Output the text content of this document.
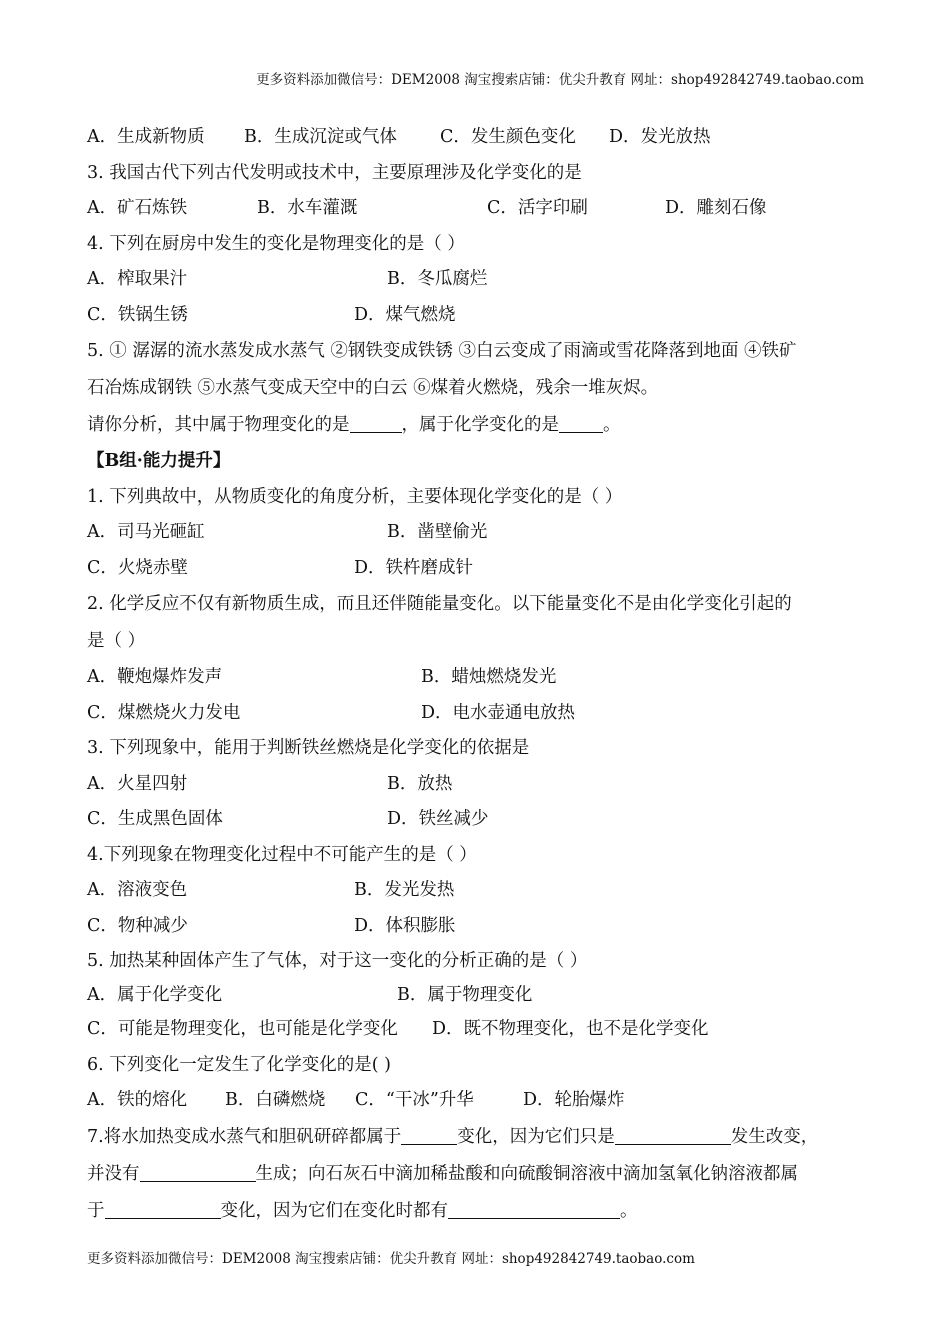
更多资料添加微信号：DEM2008 淘宝搜索店铺：优尖升教育 网址：shop492842749.taobao.com
A．生成新物质 B．生成沉淀或气体 C．发生颜色变化 D．发光放热
3. 我国古代下列古代发明或技术中，主要原理涉及化学变化的是
A．矿石炼铁	B．水车灌溉	C．活字印刷	D．雕刻石像
4. 下列在厨房中发生的变化是物理变化的是（ ）
A．榨取果汁	B．冬瓜腐烂
C．铁锅生锈	D．煤气燃烧
5. ① 潺潺的流水蒸发成水蒸气 ②钢铁变成铁锈 ③白云变成了雨滴或雪花降落到地面 ④铁矿
石冶炼成钢铁 ⑤水蒸气变成天空中的白云 ⑥煤着火燃烧，残余一堆灰烬。
请你分析，其中属于物理变化的是	，属于化学变化的是	。
【B组·能力提升】
1. 下列典故中，从物质变化的角度分析，主要体现化学变化的是（ ）
A．司马光砸缸	B．凿壁偷光
C．火烧赤壁	D．铁杵磨成针
2. 化学反应不仅有新物质生成，而且还伴随能量变化。以下能量变化不是由化学变化引起的
是（ ）
A．鞭炮爆炸发声	B．蜡烛燃烧发光
C．煤燃烧火力发电	D．电水壶通电放热
3. 下列现象中，能用于判断铁丝燃烧是化学变化的依据是
A．火星四射	B．放热
C．生成黑色固体	D．铁丝减少
4.下列现象在物理变化过程中不可能产生的是（ ）
A．溶液变色	B．发光发热
C．物种减少	D．体积膨胀
5. 加热某种固体产生了气体，对于这一变化的分析正确的是（ ）
A．属于化学变化	B．属于物理变化
C．可能是物理变化，也可能是化学变化 D．既不物理变化，也不是化学变化
6. 下列变化一定发生了化学变化的是( )
A．铁的熔化 B．白磷燃烧 C．“干冰”升华	D．轮胎爆炸
7.将水加热变成水蒸气和胆矾研碎都属于	变化，因为它们只是	发生改变，
并没有	生成；向石灰石中滴加稀盐酸和向硫酸铜溶液中滴加氢氧化钠溶液都属
于	变化，因为它们在变化时都有	。
更多资料添加微信号：DEM2008 淘宝搜索店铺：优尖升教育 网址：shop492842749.taobao.com
